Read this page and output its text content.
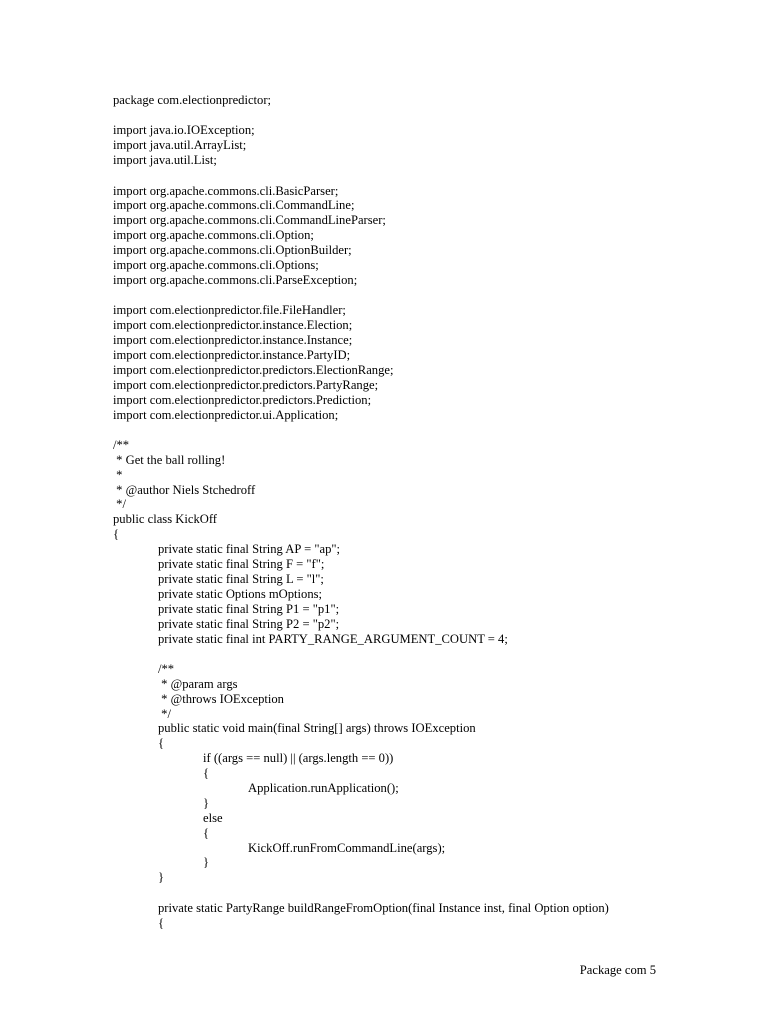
package com.electionpredictor;
import java.io.IOException;
import java.util.ArrayList;
import java.util.List;
import org.apache.commons.cli.BasicParser;
import org.apache.commons.cli.CommandLine;
import org.apache.commons.cli.CommandLineParser;
import org.apache.commons.cli.Option;
import org.apache.commons.cli.OptionBuilder;
import org.apache.commons.cli.Options;
import org.apache.commons.cli.ParseException;
import com.electionpredictor.file.FileHandler;
import com.electionpredictor.instance.Election;
import com.electionpredictor.instance.Instance;
import com.electionpredictor.instance.PartyID;
import com.electionpredictor.predictors.ElectionRange;
import com.electionpredictor.predictors.PartyRange;
import com.electionpredictor.predictors.Prediction;
import com.electionpredictor.ui.Application;
/**
* Get the ball rolling!
*
* @author Niels Stchedroff
*/
public class KickOff
{
private static final String AP = "ap";
private static final String F = "f";
private static final String L = "l";
private static Options mOptions;
private static final String P1 = "p1";
private static final String P2 = "p2";
private static final int PARTY_RANGE_ARGUMENT_COUNT = 4;
/**
* @param args
* @throws IOException
*/
public static void main(final String[] args) throws IOException
{
if ((args == null) || (args.length == 0))
{
Application.runApplication();
}
else
{
KickOff.runFromCommandLine(args);
}
}
private static PartyRange buildRangeFromOption(final Instance inst, final Option option)
{
Package com 5
